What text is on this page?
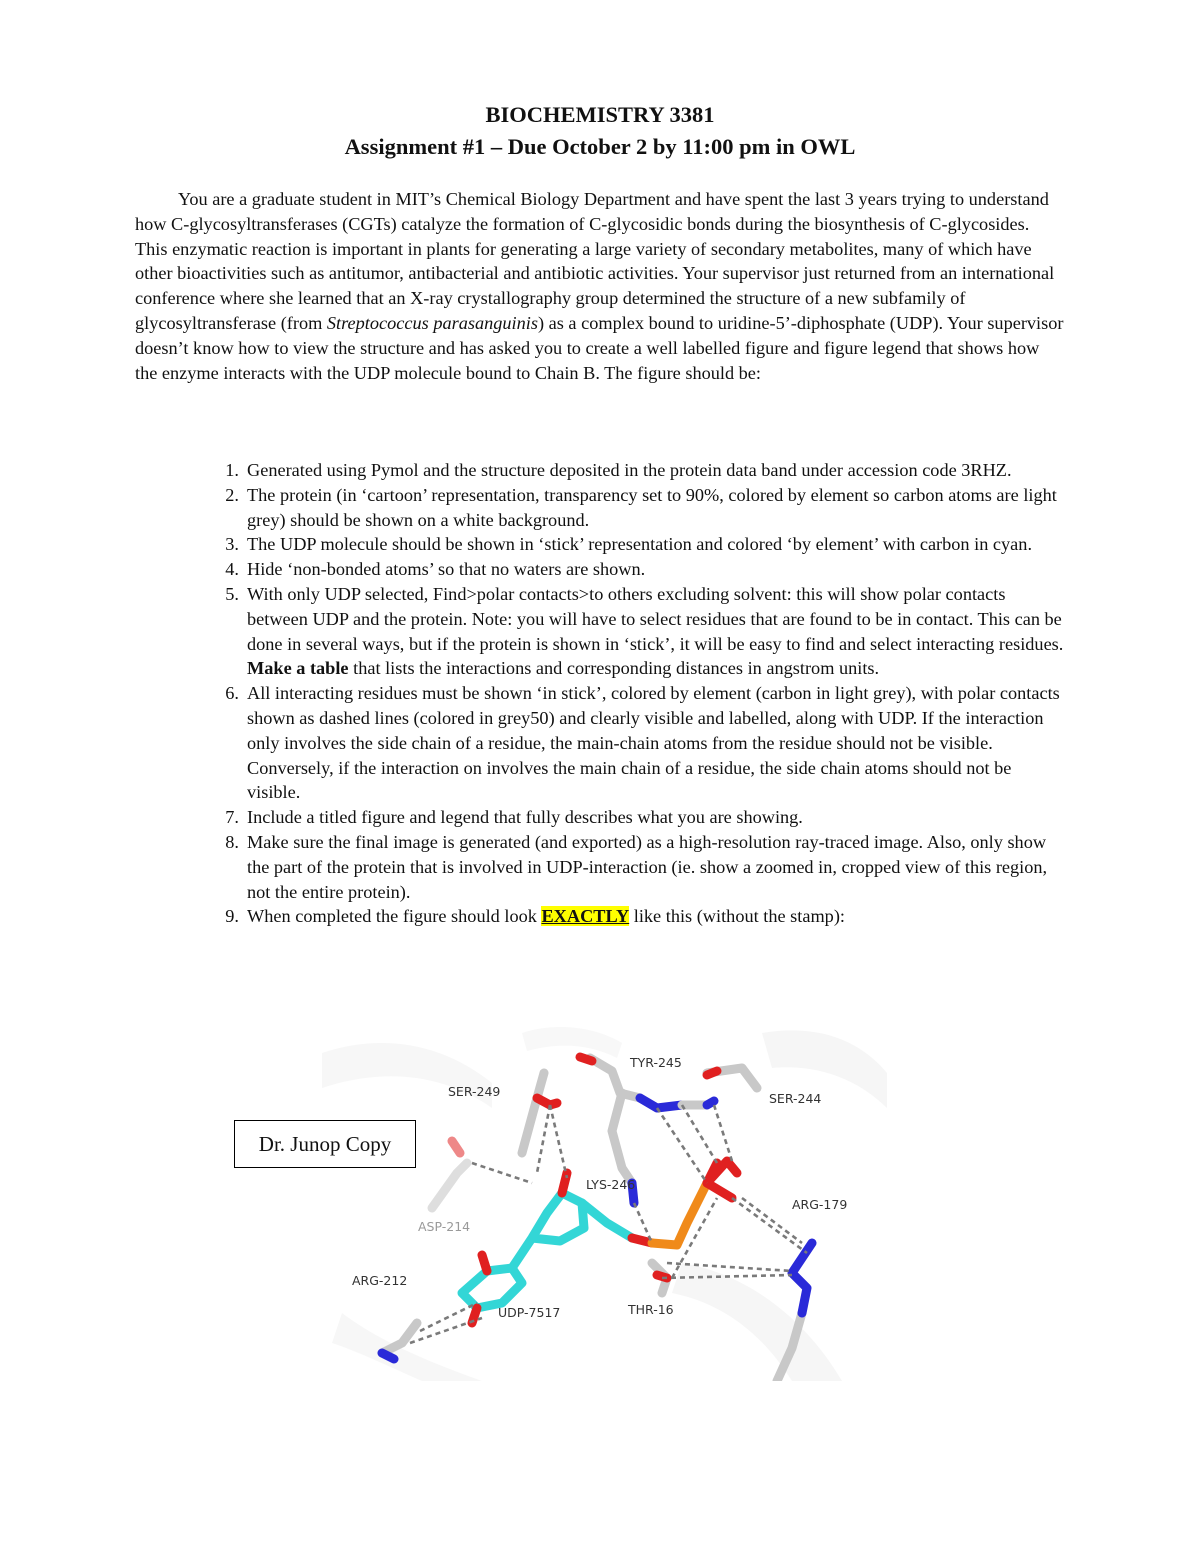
BIOCHEMISTRY 3381
Assignment #1 – Due October 2 by 11:00 pm in OWL

You are a graduate student in MIT’s Chemical Biology Department and have spent the last 3 years trying to understand how C-glycosyltransferases (CGTs) catalyze the formation of C-glycosidic bonds during the biosynthesis of C-glycosides. This enzymatic reaction is important in plants for generating a large variety of secondary metabolites, many of which have other bioactivities such as antitumor, antibacterial and antibiotic activities. Your supervisor just returned from an international conference where she learned that an X-ray crystallography group determined the structure of a new subfamily of glycosyltransferase (from Streptococcus parasanguinis) as a complex bound to uridine-5’-diphosphate (UDP). Your supervisor doesn’t know how to view the structure and has asked you to create a well labelled figure and figure legend that shows how the enzyme interacts with the UDP molecule bound to Chain B. The figure should be:

1. Generated using Pymol and the structure deposited in the protein data band under accession code 3RHZ.
2. The protein (in ‘cartoon’ representation, transparency set to 90%, colored by element so carbon atoms are light grey) should be shown on a white background.
3. The UDP molecule should be shown in ‘stick’ representation and colored ‘by element’ with carbon in cyan.
4. Hide ‘non-bonded atoms’ so that no waters are shown.
5. With only UDP selected, Find>polar contacts>to others excluding solvent: this will show polar contacts between UDP and the protein. Note: you will have to select residues that are found to be in contact. This can be done in several ways, but if the protein is shown in ‘stick’, it will be easy to find and select interacting residues. Make a table that lists the interactions and corresponding distances in angstrom units.
6. All interacting residues must be shown ‘in stick’, colored by element (carbon in light grey), with polar contacts shown as dashed lines (colored in grey50) and clearly visible and labelled, along with UDP. If the interaction only involves the side chain of a residue, the main-chain atoms from the residue should not be visible. Conversely, if the interaction on involves the main chain of a residue, the side chain atoms should not be visible.
7. Include a titled figure and legend that fully describes what you are showing.
8. Make sure the final image is generated (and exported) as a high-resolution ray-traced image. Also, only show the part of the protein that is involved in UDP-interaction (ie. show a zoomed in, cropped view of this region, not the entire protein).
9. When completed the figure should look EXACTLY like this (without the stamp):
TYR-245
SER-249	SER-244
LYS-246
ARG-179
ASP-214
ARG-212
UDP-7517	THR-16
Dr. Junop Copy
